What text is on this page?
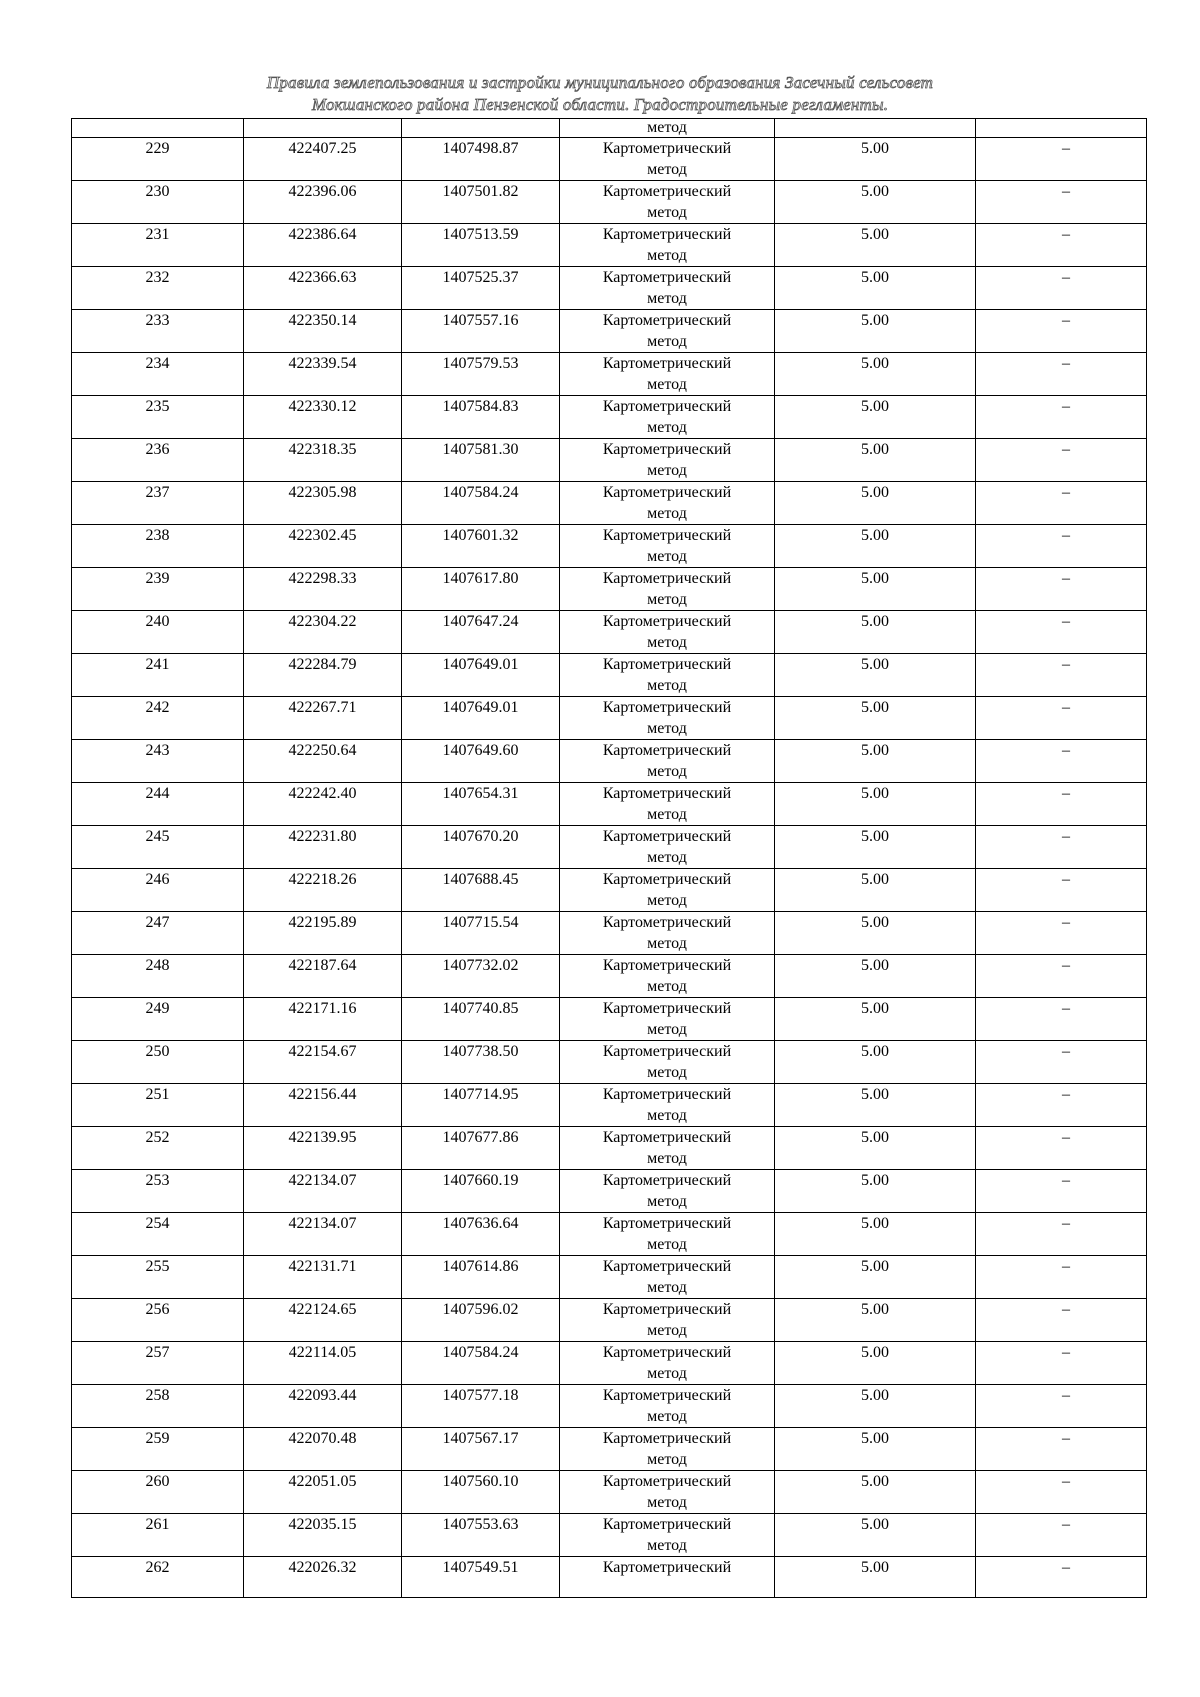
Правила землепользования и застройки муниципального образования Засечный сельсовет
Мокшанского района Пензенской области. Градостроительные регламенты.
			метод		
229	422407.25	1407498.87	Картометрический
метод	5.00	–
230	422396.06	1407501.82	Картометрический
метод	5.00	–
231	422386.64	1407513.59	Картометрический
метод	5.00	–
232	422366.63	1407525.37	Картометрический
метод	5.00	–
233	422350.14	1407557.16	Картометрический
метод	5.00	–
234	422339.54	1407579.53	Картометрический
метод	5.00	–
235	422330.12	1407584.83	Картометрический
метод	5.00	–
236	422318.35	1407581.30	Картометрический
метод	5.00	–
237	422305.98	1407584.24	Картометрический
метод	5.00	–
238	422302.45	1407601.32	Картометрический
метод	5.00	–
239	422298.33	1407617.80	Картометрический
метод	5.00	–
240	422304.22	1407647.24	Картометрический
метод	5.00	–
241	422284.79	1407649.01	Картометрический
метод	5.00	–
242	422267.71	1407649.01	Картометрический
метод	5.00	–
243	422250.64	1407649.60	Картометрический
метод	5.00	–
244	422242.40	1407654.31	Картометрический
метод	5.00	–
245	422231.80	1407670.20	Картометрический
метод	5.00	–
246	422218.26	1407688.45	Картометрический
метод	5.00	–
247	422195.89	1407715.54	Картометрический
метод	5.00	–
248	422187.64	1407732.02	Картометрический
метод	5.00	–
249	422171.16	1407740.85	Картометрический
метод	5.00	–
250	422154.67	1407738.50	Картометрический
метод	5.00	–
251	422156.44	1407714.95	Картометрический
метод	5.00	–
252	422139.95	1407677.86	Картометрический
метод	5.00	–
253	422134.07	1407660.19	Картометрический
метод	5.00	–
254	422134.07	1407636.64	Картометрический
метод	5.00	–
255	422131.71	1407614.86	Картометрический
метод	5.00	–
256	422124.65	1407596.02	Картометрический
метод	5.00	–
257	422114.05	1407584.24	Картометрический
метод	5.00	–
258	422093.44	1407577.18	Картометрический
метод	5.00	–
259	422070.48	1407567.17	Картометрический
метод	5.00	–
260	422051.05	1407560.10	Картометрический
метод	5.00	–
261	422035.15	1407553.63	Картометрический
метод	5.00	–
262	422026.32	1407549.51	Картометрический	5.00	–
